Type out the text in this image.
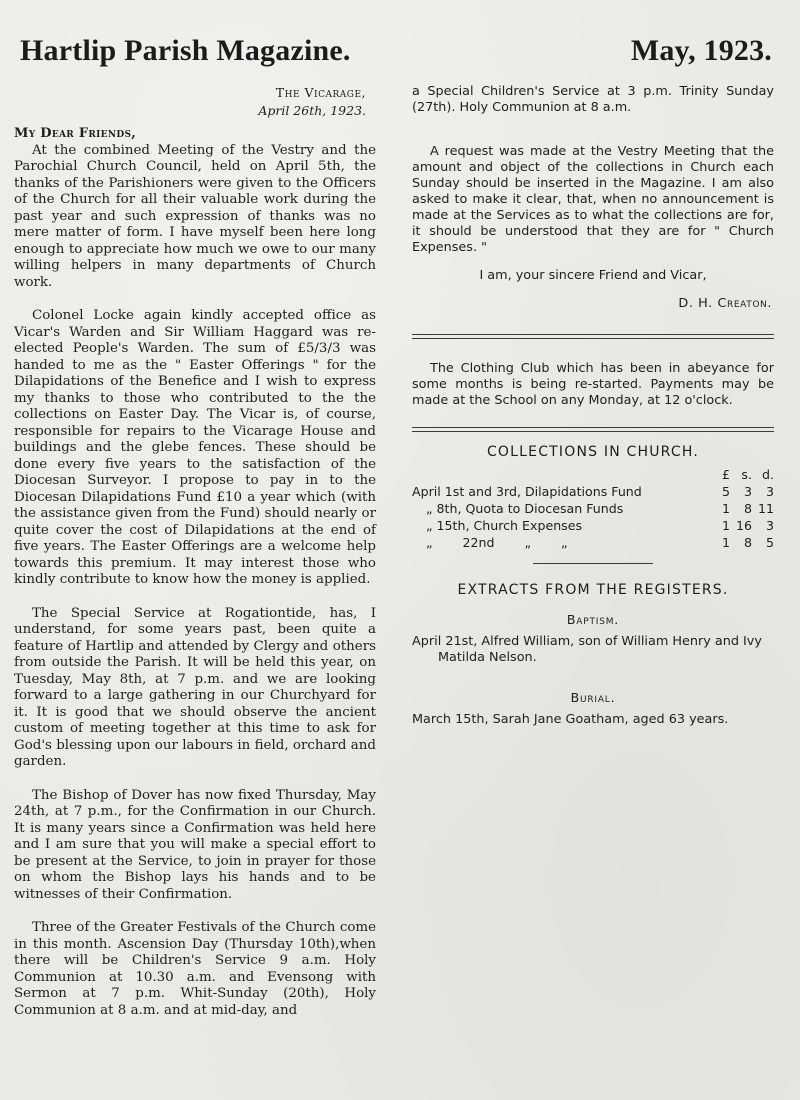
Hartlip Parish Magazine.	May, 1923.
The Vicarage,
April 26th, 1923.
My Dear Friends,

At the combined Meeting of the Vestry and the Parochial Church Council, held on April 5th, the thanks of the Parishioners were given to the Officers of the Church for all their valuable work during the past year and such expression of thanks was no mere matter of form. I have myself been here long enough to appreciate how much we owe to our many willing helpers in many departments of Church work.

Colonel Locke again kindly accepted office as Vicar's Warden and Sir William Haggard was re-elected People's Warden. The sum of £5/3/3 was handed to me as the " Easter Offerings " for the Dilapidations of the Benefice and I wish to express my thanks to those who contributed to the the collections on Easter Day. The Vicar is, of course, responsible for repairs to the Vicarage House and buildings and the glebe fences. These should be done every five years to the satisfaction of the Diocesan Surveyor. I propose to pay in to the Diocesan Dilapidations Fund £10 a year which (with the assistance given from the Fund) should nearly or quite cover the cost of Dilapidations at the end of five years. The Easter Offerings are a welcome help towards this premium. It may interest those who kindly contribute to know how the money is applied.

The Special Service at Rogationtide, has, I understand, for some years past, been quite a feature of Hartlip and attended by Clergy and others from outside the Parish. It will be held this year, on Tuesday, May 8th, at 7 p.m. and we are looking forward to a large gathering in our Churchyard for it. It is good that we should observe the ancient custom of meeting together at this time to ask for God's blessing upon our labours in field, orchard and garden.

The Bishop of Dover has now fixed Thursday, May 24th, at 7 p.m., for the Confirmation in our Church. It is many years since a Confirmation was held here and I am sure that you will make a special effort to be present at the Service, to join in prayer for those on whom the Bishop lays his hands and to be witnesses of their Confirmation.

Three of the Greater Festivals of the Church come in this month. Ascension Day (Thursday 10th),when there will be Children's Service 9 a.m. Holy Communion at 10.30 a.m. and Evensong with Sermon at 7 p.m. Whit-Sunday (20th), Holy Communion at 8 a.m. and at mid-day, and

a Special Children's Service at 3 p.m. Trinity Sunday (27th). Holy Communion at 8 a.m.

A request was made at the Vestry Meeting that the amount and object of the collections in Church each Sunday should be inserted in the Magazine. I am also asked to make it clear, that, when no announcement is made at the Services as to what the collections are for, it should be understood that they are for " Church Expenses. "

I am, your sincere Friend and Vicar,
D. H. Creaton.

The Clothing Club which has been in abeyance for some months is being re-started. Payments may be made at the School on any Monday, at 12 o'clock.

COLLECTIONS IN CHURCH.
	£	s.	d.
April 1st and 3rd, Dilapidations Fund	5	3	3
„ 8th, Quota to Diocesan Funds	1	8	11
„ 15th, Church Expenses	1	16	3
„ 22nd „ „	1	8	5
EXTRACTS FROM THE REGISTERS.
Baptism.
April 21st, Alfred William, son of William Henry and Ivy Matilda Nelson.
Burial.
March 15th, Sarah Jane Goatham, aged 63 years.
